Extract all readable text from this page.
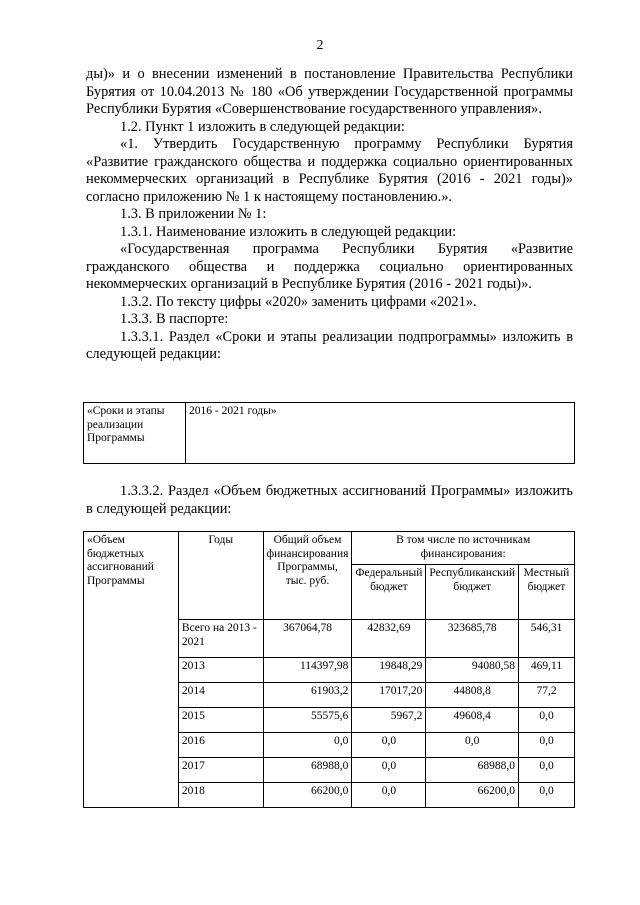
2

ды)» и о внесении изменений в постановление Правительства Республики Бурятия от 10.04.2013 № 180 «Об утверждении Государственной программы Республики Бурятия «Совершенствование государственного управления».

1.2. Пункт 1 изложить в следующей редакции:

«1. Утвердить Государственную программу Республики Бурятия «Развитие гражданского общества и поддержка социально ориентированных некоммерческих организаций в Республике Бурятия (2016 - 2021 годы)» согласно приложению № 1 к настоящему постановлению.».

1.3. В приложении № 1:

1.3.1. Наименование изложить в следующей редакции:

«Государственная программа Республики Бурятия «Развитие гражданского общества и поддержка социально ориентированных некоммерческих организаций в Республике Бурятия (2016 - 2021 годы)».

1.3.2. По тексту цифры «2020» заменить цифрами «2021».

1.3.3. В паспорте:

1.3.3.1. Раздел «Сроки и этапы реализации подпрограммы» изложить в следующей редакции:

«Сроки и этапы реализации Программы	2016 - 2021 годы»

1.3.3.2. Раздел «Объем бюджетных ассигнований Программы» изложить в следующей редакции:

«Объем бюджетных ассигнований Программы	Годы	Общий объем финансирования Программы, тыс. руб.	В том числе по источникам финансирования:		
			Федеральный бюджет	Республиканский бюджет	Местный бюджет
	Всего на 2013 - 2021	367064,78	42832,69	323685,78	546,31
	2013	114397,98	19848,29	94080,58	469,11
	2014	61903,2	17017,20	44808,8	77,2
	2015	55575,6	5967,2	49608,4	0,0
	2016	0,0	0,0	0,0	0,0
	2017	68988,0	0,0	68988,0	0,0
	2018	66200,0	0,0	66200,0	0,0
